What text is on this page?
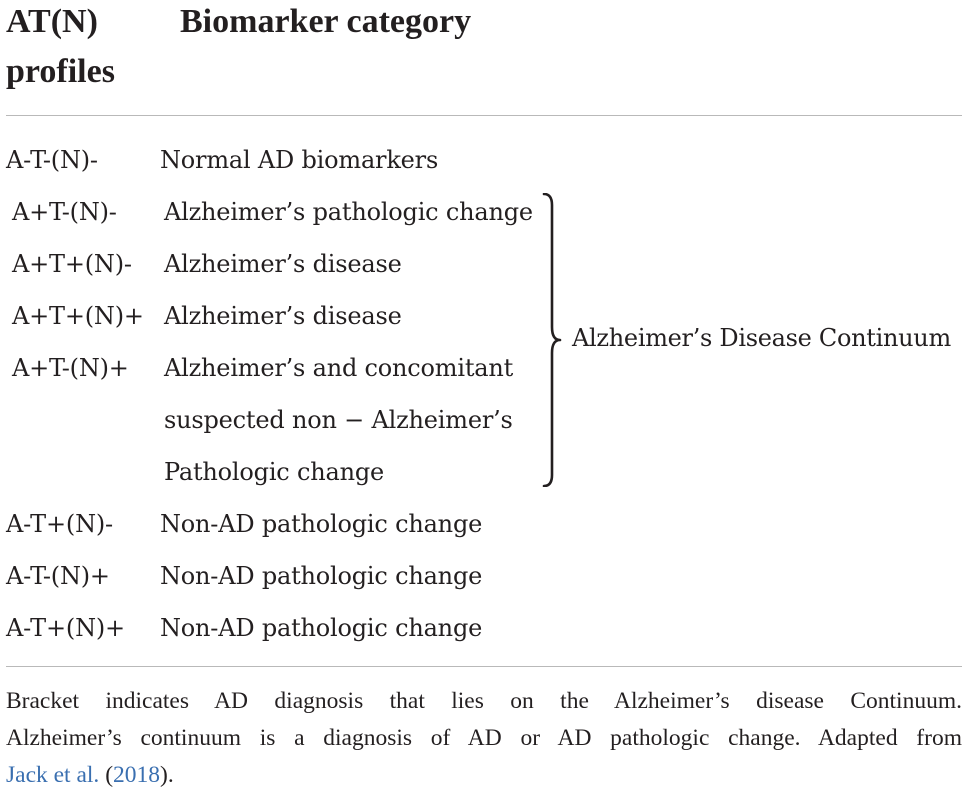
AT(N)
profiles
Biomarker category
A-T-(N)-	Normal AD biomarkers
A+T-(N)- Alzheimer’s pathologic change
A+T+(N)- Alzheimer’s disease
A+T+(N)+ Alzheimer’s disease
A+T-(N)+ Alzheimer’s and concomitant
suspected non − Alzheimer’s
Pathologic change
A-T+(N)- Non-AD pathologic change
A-T-(N)+ Non-AD pathologic change
A-T+(N)+ Non-AD pathologic change
Alzheimer’s Disease Continuum
Bracket indicates AD diagnosis that lies on the Alzheimer’s disease Continuum.
Alzheimer’s continuum is a diagnosis of AD or AD pathologic change. Adapted from
Jack et al. (2018).
